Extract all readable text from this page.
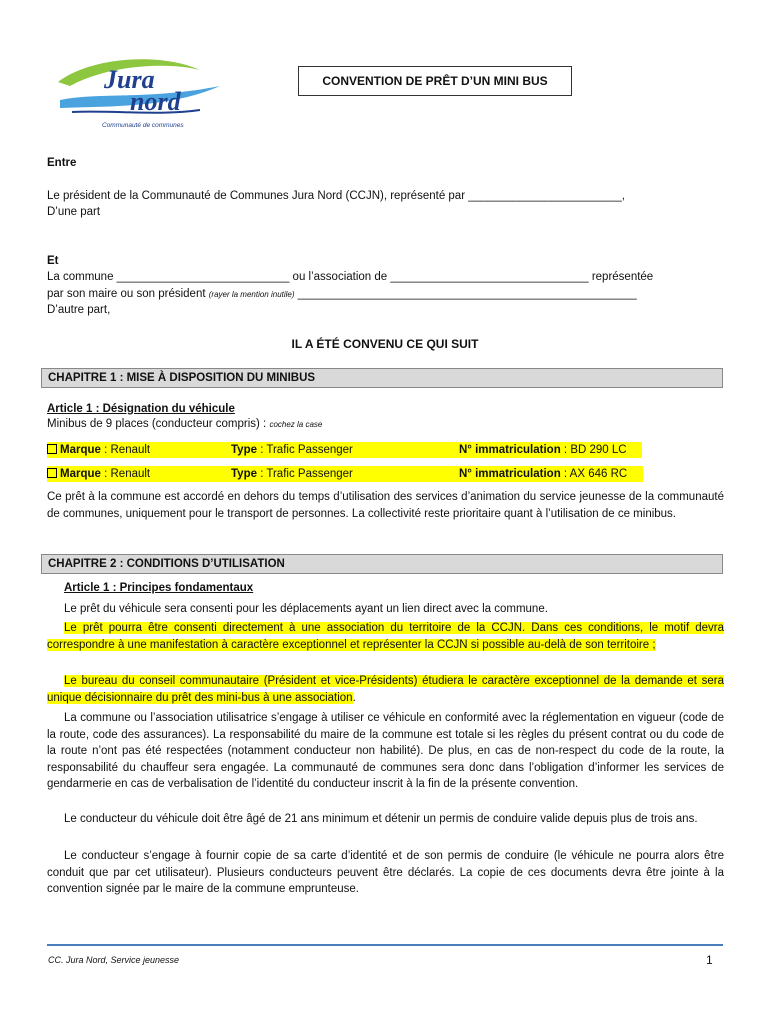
Jura
nord
Communauté de communes
CONVENTION DE PRÊT D’UN MINI BUS
Entre
Le président de la Communauté de Communes Jura Nord (CCJN), représenté par ________________________,
D’une part
Et
La commune ___________________________ ou l’association de _______________________________ représentée
par son maire ou son président (rayer la mention inutile) _____________________________________________________
D’autre part,
IL A ÉTÉ CONVENU CE QUI SUIT
CHAPITRE 1 : MISE À DISPOSITION DU MINIBUS
Article 1 : Désignation du véhicule
Minibus de 9 places (conducteur compris) : cochez la case
Marque : Renault	Type : Trafic Passenger	N° immatriculation : BD 290 LC
Marque : Renault	Type : Trafic Passenger	N° immatriculation : AX 646 RC
Ce prêt à la commune est accordé en dehors du temps d’utilisation des services d’animation du service jeunesse de la communauté de communes, uniquement pour le transport de personnes. La collectivité reste prioritaire quant à l’utilisation de ce minibus.
CHAPITRE 2 : CONDITIONS D’UTILISATION
Article 1 : Principes fondamentaux
Le prêt du véhicule sera consenti pour les déplacements ayant un lien direct avec la commune.
Le prêt pourra être consenti directement à une association du territoire de la CCJN. Dans ces conditions, le motif devra correspondre à une manifestation à caractère exceptionnel et représenter la CCJN si possible au-delà de son territoire ;
Le bureau du conseil communautaire (Président et vice-Présidents) étudiera le caractère exceptionnel de la demande et sera unique décisionnaire du prêt des mini-bus à une association.
La commune ou l’association utilisatrice s’engage à utiliser ce véhicule en conformité avec la réglementation en vigueur (code de la route, code des assurances). La responsabilité du maire de la commune est totale si les règles du présent contrat ou du code de la route n’ont pas été respectées (notamment conducteur non habilité). De plus, en cas de non-respect du code de la route, la responsabilité du chauffeur sera engagée. La communauté de communes sera donc dans l’obligation d’informer les services de gendarmerie en cas de verbalisation de l’identité du conducteur inscrit à la fin de la présente convention.
Le conducteur du véhicule doit être âgé de 21 ans minimum et détenir un permis de conduire valide depuis plus de trois ans.
Le conducteur s’engage à fournir copie de sa carte d’identité et de son permis de conduire (le véhicule ne pourra alors être conduit que par cet utilisateur). Plusieurs conducteurs peuvent être déclarés. La copie de ces documents devra être jointe à la convention signée par le maire de la commune emprunteuse.
CC. Jura Nord, Service jeunesse	1
